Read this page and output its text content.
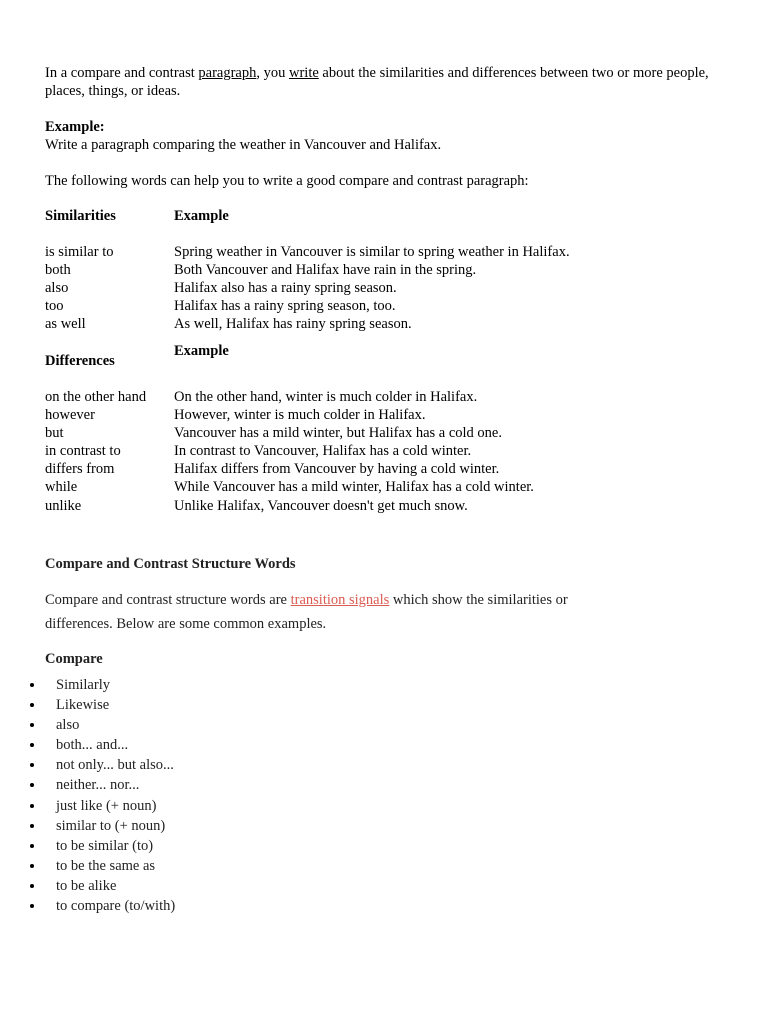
In a compare and contrast paragraph, you write about the similarities and differences between two or more people, places, things, or ideas.
Example:
Write a paragraph comparing the weather in Vancouver and Halifax.
The following words can help you to write a good compare and contrast paragraph:
Similarities	Example
is similar to
both
also
too
as well
Spring weather in Vancouver is similar to spring weather in Halifax.
Both Vancouver and Halifax have rain in the spring.
Halifax also has a rainy spring season.
Halifax has a rainy spring season, too.
As well, Halifax has rainy spring season.
Differences
Example
on the other hand
however
but
in contrast to
differs from
while
unlike
On the other hand, winter is much colder in Halifax.
However, winter is much colder in Halifax.
Vancouver has a mild winter, but Halifax has a cold one.
In contrast to Vancouver, Halifax has a cold winter.
Halifax differs from Vancouver by having a cold winter.
While Vancouver has a mild winter, Halifax has a cold winter.
Unlike Halifax, Vancouver doesn't get much snow.
Compare and Contrast Structure Words
Compare and contrast structure words are transition signals which show the similarities or differences. Below are some common examples.
Compare
Similarly
Likewise
also
both... and...
not only... but also...
neither... nor...
just like (+ noun)
similar to (+ noun)
to be similar (to)
to be the same as
to be alike
to compare (to/with)
